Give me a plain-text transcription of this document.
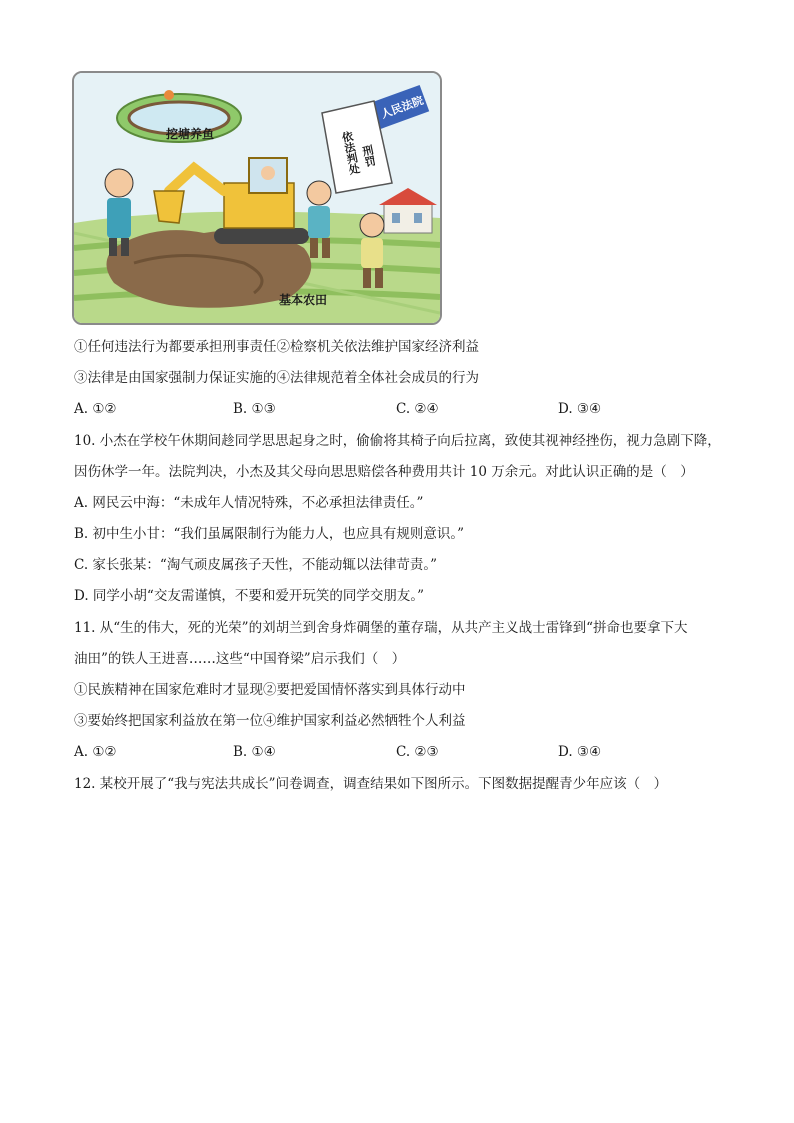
挖塘养鱼
人民法院
依法判处
刑罚
基本农田
①任何违法行为都要承担刑事责任②检察机关依法维护国家经济利益
③法律是由国家强制力保证实施的④法律规范着全体社会成员的行为
A. ①②	B. ①③	C. ②④	D. ③④
10. 小杰在学校午休期间趁同学思思起身之时，偷偷将其椅子向后拉离，致使其视神经挫伤，视力急剧下降，
因伤休学一年。法院判决，小杰及其父母向思思赔偿各种费用共计 10 万余元。对此认识正确的是（　）
A. 网民云中海：“未成年人情况特殊，不必承担法律责任。”
B. 初中生小甘：“我们虽属限制行为能力人，也应具有规则意识。”
C. 家长张某：“淘气顽皮属孩子天性，不能动辄以法律苛责。”
D. 同学小胡“交友需谨慎，不要和爱开玩笑的同学交朋友。”
11. 从“生的伟大，死的光荣”的刘胡兰到舍身炸碉堡的董存瑞，从共产主义战士雷锋到“拼命也要拿下大
油田”的铁人王进喜……这些“中国脊梁”启示我们（　）
①民族精神在国家危难时才显现②要把爱国情怀落实到具体行动中
③要始终把国家利益放在第一位④维护国家利益必然牺牲个人利益
A. ①②	B. ①④	C. ②③	D. ③④
12. 某校开展了“我与宪法共成长”问卷调查，调查结果如下图所示。下图数据提醒青少年应该（　）
